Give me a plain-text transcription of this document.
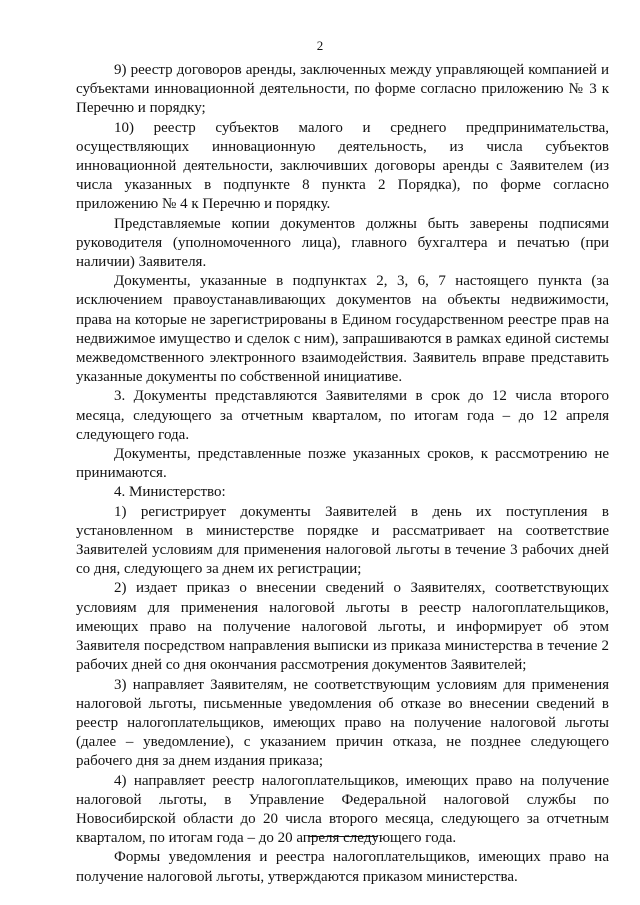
2

9) реестр договоров аренды, заключенных между управляющей компанией и субъектами инновационной деятельности, по форме согласно приложению № 3 к Перечню и порядку;

10) реестр субъектов малого и среднего предпринимательства, осуществляющих инновационную деятельность, из числа субъектов инновационной деятельности, заключивших договоры аренды с Заявителем (из числа указанных в подпункте 8 пункта 2 Порядка), по форме согласно приложению № 4 к Перечню и порядку.

Представляемые копии документов должны быть заверены подписями руководителя (уполномоченного лица), главного бухгалтера и печатью (при наличии) Заявителя.

Документы, указанные в подпунктах 2, 3, 6, 7 настоящего пункта (за исключением правоустанавливающих документов на объекты недвижимости, права на которые не зарегистрированы в Едином государственном реестре прав на недвижимое имущество и сделок с ним), запрашиваются в рамках единой системы межведомственного электронного взаимодействия. Заявитель вправе представить указанные документы по собственной инициативе.

3. Документы представляются Заявителями в срок до 12 числа второго месяца, следующего за отчетным кварталом, по итогам года – до 12 апреля следующего года.

Документы, представленные позже указанных сроков, к рассмотрению не принимаются.

4. Министерство:

1) регистрирует документы Заявителей в день их поступления в установленном в министерстве порядке и рассматривает на соответствие Заявителей условиям для применения налоговой льготы в течение 3 рабочих дней со дня, следующего за днем их регистрации;

2) издает приказ о внесении сведений о Заявителях, соответствующих условиям для применения налоговой льготы в реестр налогоплательщиков, имеющих право на получение налоговой льготы, и информирует об этом Заявителя посредством направления выписки из приказа министерства в течение 2 рабочих дней со дня окончания рассмотрения документов Заявителей;

3) направляет Заявителям, не соответствующим условиям для применения налоговой льготы, письменные уведомления об отказе во внесении сведений в реестр налогоплательщиков, имеющих право на получение налоговой льготы (далее – уведомление), с указанием причин отказа, не позднее следующего рабочего дня за днем издания приказа;

4) направляет реестр налогоплательщиков, имеющих право на получение налоговой льготы, в Управление Федеральной налоговой службы по Новосибирской области до 20 числа второго месяца, следующего за отчетным кварталом, по итогам года – до 20 апреля следующего года.

Формы уведомления и реестра налогоплательщиков, имеющих право на получение налоговой льготы, утверждаются приказом министерства.
